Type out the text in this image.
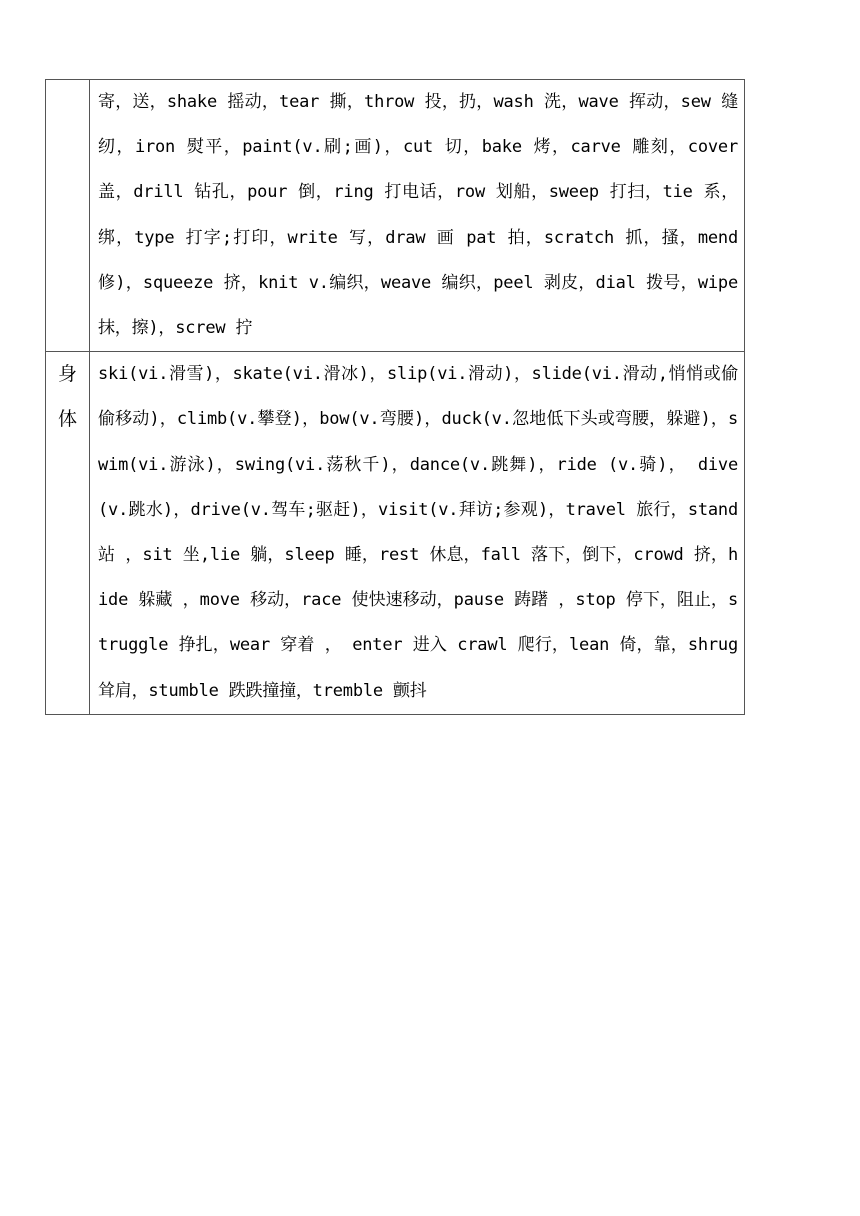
	寄，送，shake 摇动，tear 撕，throw 投，扔，wash 洗，wave 挥动，sew 缝纫，iron 熨平，paint(v.刷;画)，cut 切，bake 烤，carve 雕刻，cover 盖，drill 钻孔，pour 倒，ring 打电话，row 划船，sweep 打扫，tie 系，绑，type 打字;打印，write 写，draw 画 pat 拍，scratch 抓，搔，mend 修)，squeeze 挤，knit v.编织，weave 编织，peel 剥皮，dial 拨号，wipe 抹，擦)，screw 拧

身体	ski(vi.滑雪)，skate(vi.滑冰)，slip(vi.滑动)，slide(vi.滑动,悄悄或偷偷移动)，climb(v.攀登)，bow(v.弯腰)，duck(v.忽地低下头或弯腰，躲避)，swim(vi.游泳)，swing(vi.荡秋千)，dance(v.跳舞)，ride (v.骑)， dive(v.跳水)，drive(v.驾车;驱赶)，visit(v.拜访;参观)，travel 旅行，stand 站 ，sit 坐,lie 躺，sleep 睡，rest 休息，fall 落下，倒下，crowd 挤，hide 躲藏 ，move 移动，race 使快速移动，pause 踌躇 ，stop 停下，阻止，struggle 挣扎，wear 穿着 ， enter 进入 crawl 爬行，lean 倚，靠，shrug 耸肩，stumble 跌跌撞撞，tremble 颤抖
